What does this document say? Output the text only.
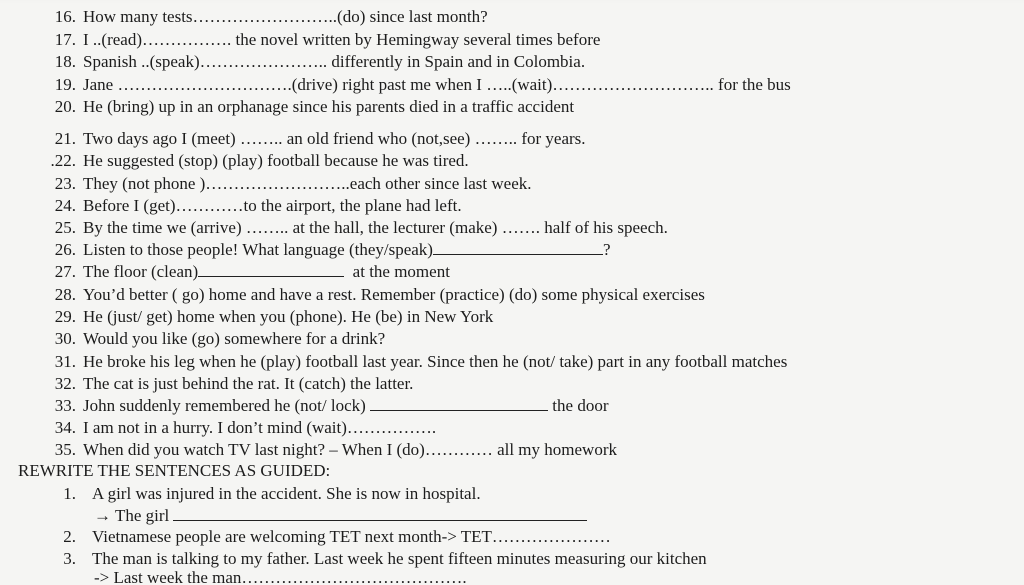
16. How many tests……………………..(do) since last month?
17. I ..(read)……………. the novel written by Hemingway several times before
18. Spanish ..(speak)………………….. differently in Spain and in Colombia.
19. Jane ………………………….(drive) right past me when I …..(wait)……………………….. for the bus
20. He (bring) up in an orphanage since his parents died in a traffic accident
21. Two days ago I (meet) …….. an old friend who (not,see) …….. for years.
.22. He suggested (stop) (play) football because he was tired.
23. They (not phone )……………………..each other since last week.
24. Before I (get)…………to the airport, the plane had left.
25. By the time we (arrive) …….. at the hall, the lecturer (make) ……. half of his speech.
26. Listen to those people! What language (they/speak)	?
27. The floor (clean)	at the moment
28. You’d better ( go) home and have a rest. Remember (practice) (do) some physical exercises
29. He (just/ get) home when you (phone). He (be) in New York
30. Would you like (go) somewhere for a drink?
31. He broke his leg when he (play) football last year. Since then he (not/ take) part in any football matches
32. The cat is just behind the rat. It (catch) the latter.
33. John suddenly remembered he (not/ lock)	the door
34. I am not in a hurry. I don’t mind (wait)…………….
35. When did you watch TV last night? – When I (do)………… all my homework
REWRITE THE SENTENCES AS GUIDED:
1. A girl was injured in the accident. She is now in hospital.
→ The girl
2. Vietnamese people are welcoming TET next month-> TET…………………
3. The man is talking to my father. Last week he spent fifteen minutes measuring our kitchen
-> Last week the man………………………………….
